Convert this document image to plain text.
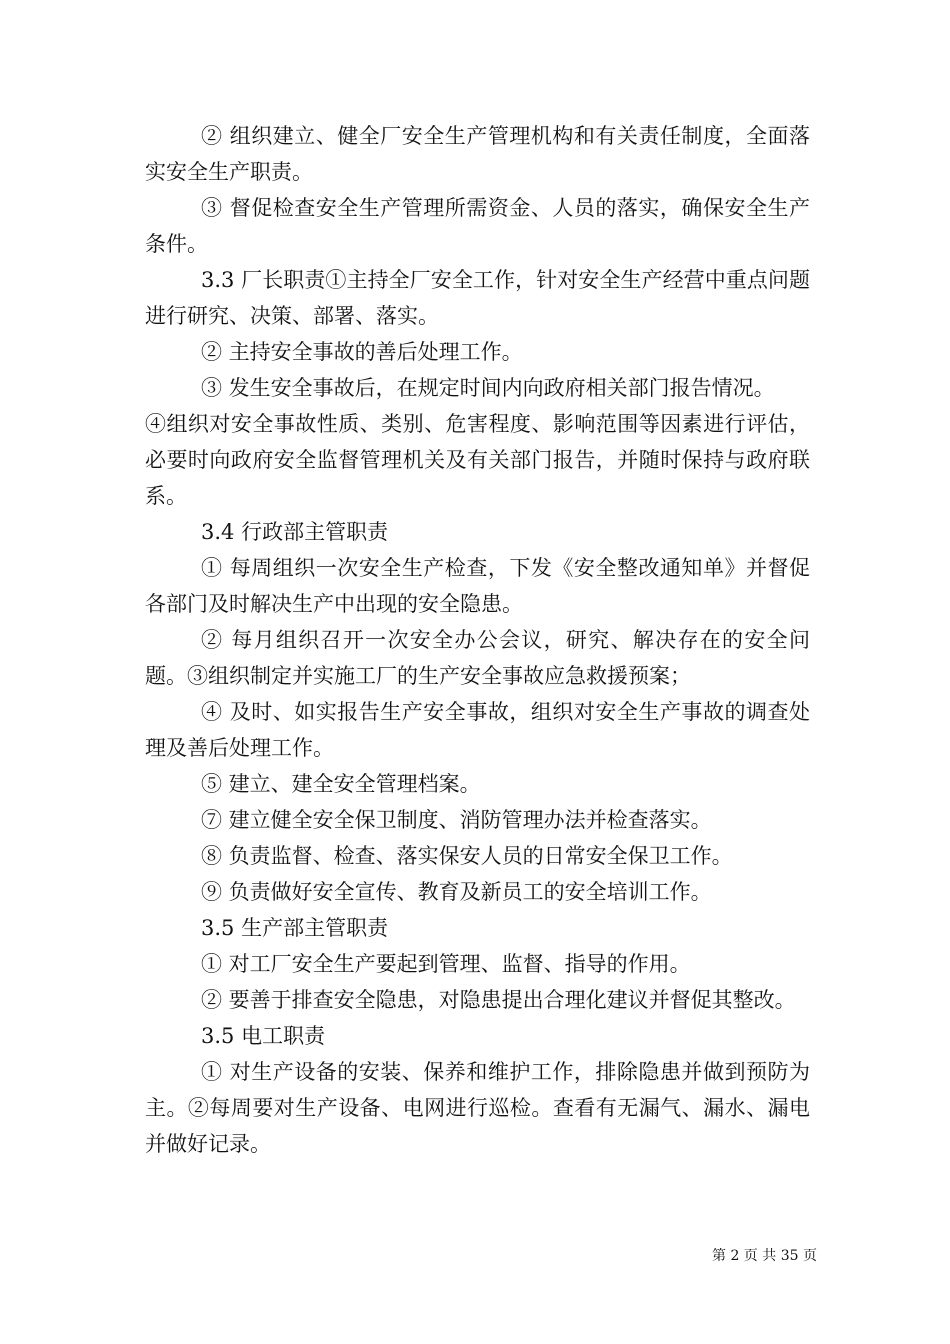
② 组织建立、健全厂安全生产管理机构和有关责任制度，全面落实安全生产职责。

③ 督促检查安全生产管理所需资金、人员的落实，确保安全生产条件。

3.3 厂长职责①主持全厂安全工作，针对安全生产经营中重点问题进行研究、决策、部署、落实。

② 主持安全事故的善后处理工作。

③ 发生安全事故后，在规定时间内向政府相关部门报告情况。

④组织对安全事故性质、类别、危害程度、影响范围等因素进行评估，必要时向政府安全监督管理机关及有关部门报告，并随时保持与政府联系。

3.4 行政部主管职责

① 每周组织一次安全生产检查，下发《安全整改通知单》并督促各部门及时解决生产中出现的安全隐患。

② 每月组织召开一次安全办公会议，研究、解决存在的安全问题。③组织制定并实施工厂的生产安全事故应急救援预案；

④ 及时、如实报告生产安全事故，组织对安全生产事故的调查处理及善后处理工作。

⑤ 建立、建全安全管理档案。

⑦ 建立健全安全保卫制度、消防管理办法并检查落实。

⑧ 负责监督、检查、落实保安人员的日常安全保卫工作。

⑨ 负责做好安全宣传、教育及新员工的安全培训工作。

3.5 生产部主管职责

① 对工厂安全生产要起到管理、监督、指导的作用。

② 要善于排查安全隐患，对隐患提出合理化建议并督促其整改。

3.5 电工职责

① 对生产设备的安装、保养和维护工作，排除隐患并做到预防为主。②每周要对生产设备、电网进行巡检。查看有无漏气、漏水、漏电并做好记录。

第 2 页 共 35 页
